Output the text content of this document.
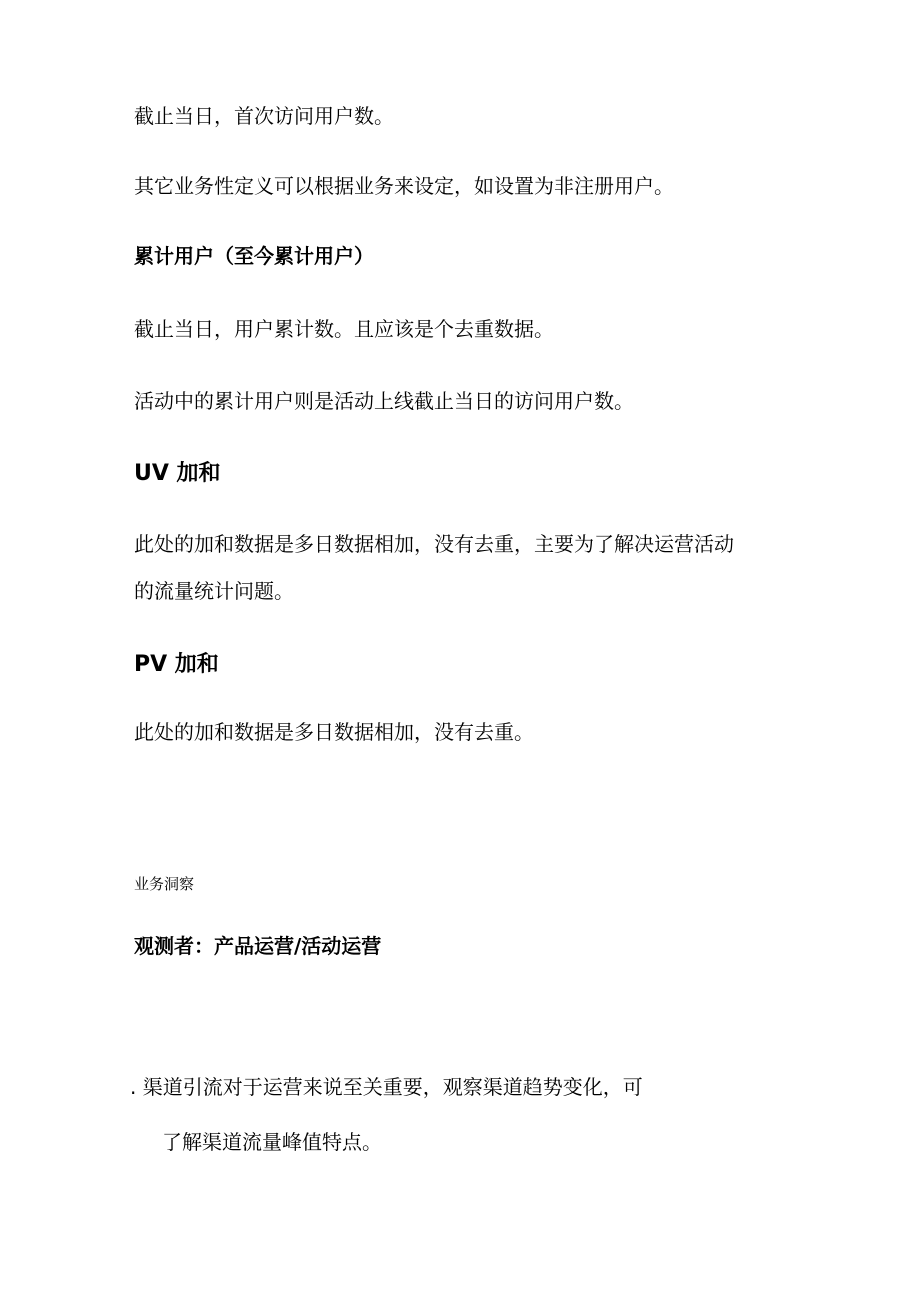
截止当日，首次访问用户数。
其它业务性定义可以根据业务来设定，如设置为非注册用户。
累计用户（至今累计用户）
截止当日，用户累计数。且应该是个去重数据。
活动中的累计用户则是活动上线截止当日的访问用户数。
UV 加和
此处的加和数据是多日数据相加，没有去重，主要为了解决运营活动
的流量统计问题。
PV 加和
此处的加和数据是多日数据相加，没有去重。
业务洞察
观测者：产品运营/活动运营
. 渠道引流对于运营来说至关重要，观察渠道趋势变化，可
了解渠道流量峰值特点。
